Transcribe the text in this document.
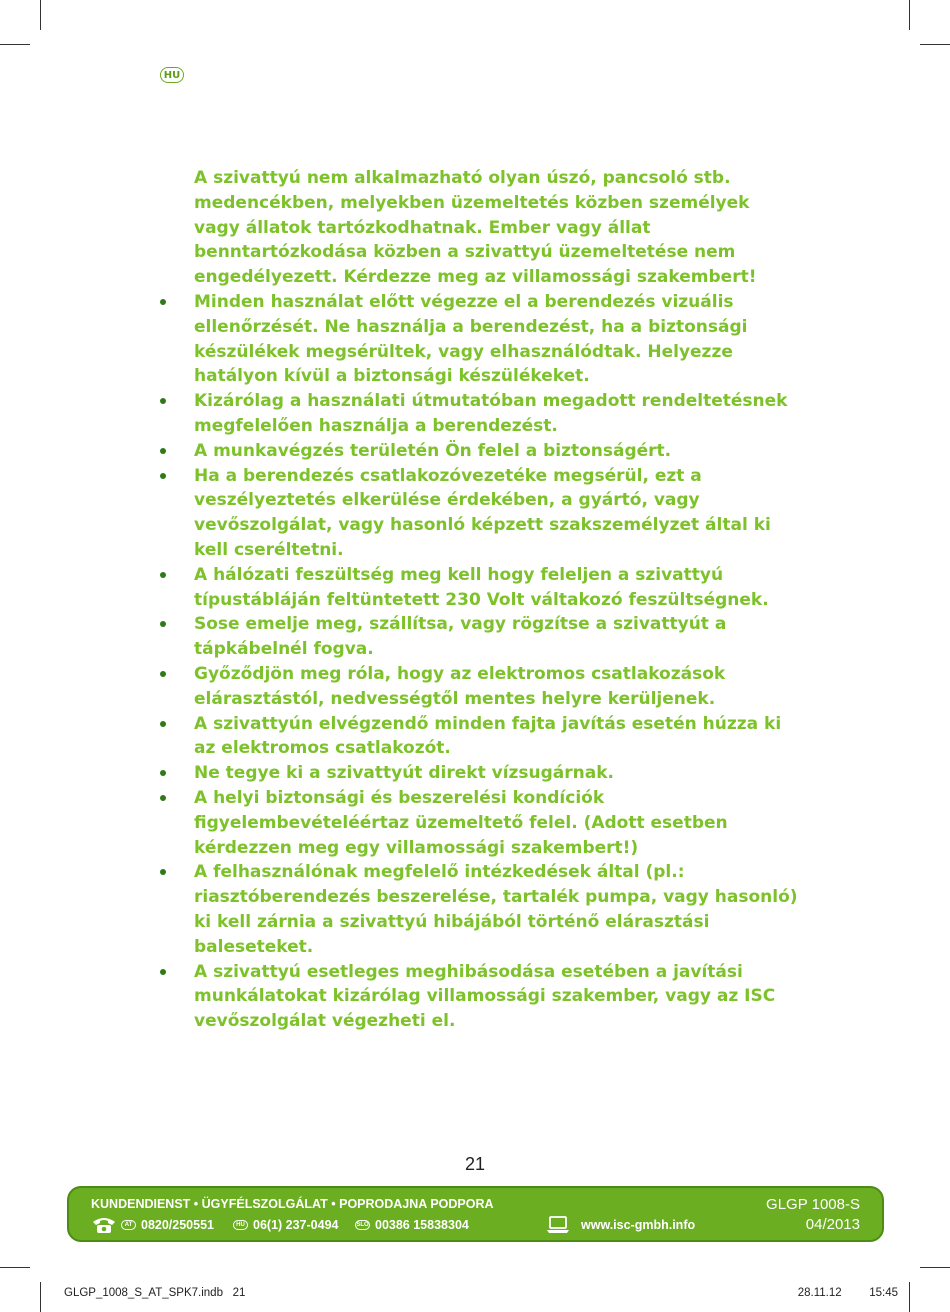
HU

A szivattyú nem alkalmazható olyan úszó, pancsoló stb. medencékben, melyekben üzemeltetés közben személyek vagy állatok tartózkodhatnak. Ember vagy állat benntartózkodása közben a szivattyú üzemeltetése nem engedélyezett. Kérdezze meg az villamossági szakembert!

Minden használat előtt végezze el a berendezés vizuális ellenőrzését. Ne használja a berendezést, ha a biztonsági készülékek megsérültek, vagy elhasználódtak. Helyezze hatályon kívül a biztonsági készülékeket.
Kizárólag a használati útmutatóban megadott rendeltetésnek megfelelően használja a berendezést.
A munkavégzés területén Ön felel a biztonságért.
Ha a berendezés csatlakozóvezetéke megsérül, ezt a veszélyeztetés elkerülése érdekében, a gyártó, vagy vevőszolgálat, vagy hasonló képzett szakszemélyzet által ki kell cseréltetni.
A hálózati feszültség meg kell hogy feleljen a szivattyú típustábláján feltüntetett 230 Volt váltakozó feszültségnek.
Sose emelje meg, szállítsa, vagy rögzítse a szivattyút a tápkábelnél fogva.
Győződjön meg róla, hogy az elektromos csatlakozások elárasztástól, nedvességtől mentes helyre kerüljenek.
A szivattyún elvégzendő minden fajta javítás esetén húzza ki az elektromos csatlakozót.
Ne tegye ki a szivattyút direkt vízsugárnak.
A helyi biztonsági és beszerelési kondíciók figyelembevételéértaz üzemeltető felel. (Adott esetben kérdezzen meg egy villamossági szakembert!)
A felhasználónak megfelelő intézkedések által (pl.: riasztóberendezés beszerelése, tartalék pumpa, vagy hasonló) ki kell zárnia a szivattyú hibájából történő elárasztási baleseteket.
A szivattyú esetleges meghibásodása esetében a javítási munkálatokat kizárólag villamossági szakember, vagy az ISC vevőszolgálat végezheti el.
21
KUNDENDIENST • ÜGYFÉLSZOLGÁLAT • POPRODAJNA PODPORA
AT 0820/250551	HU 06(1) 237-0494	SLO 00386 15838304	www.isc-gmbh.info
GLGP 1008-S
04/2013
GLGP_1008_S_AT_SPK7.indb   21	28.11.12   15:45
